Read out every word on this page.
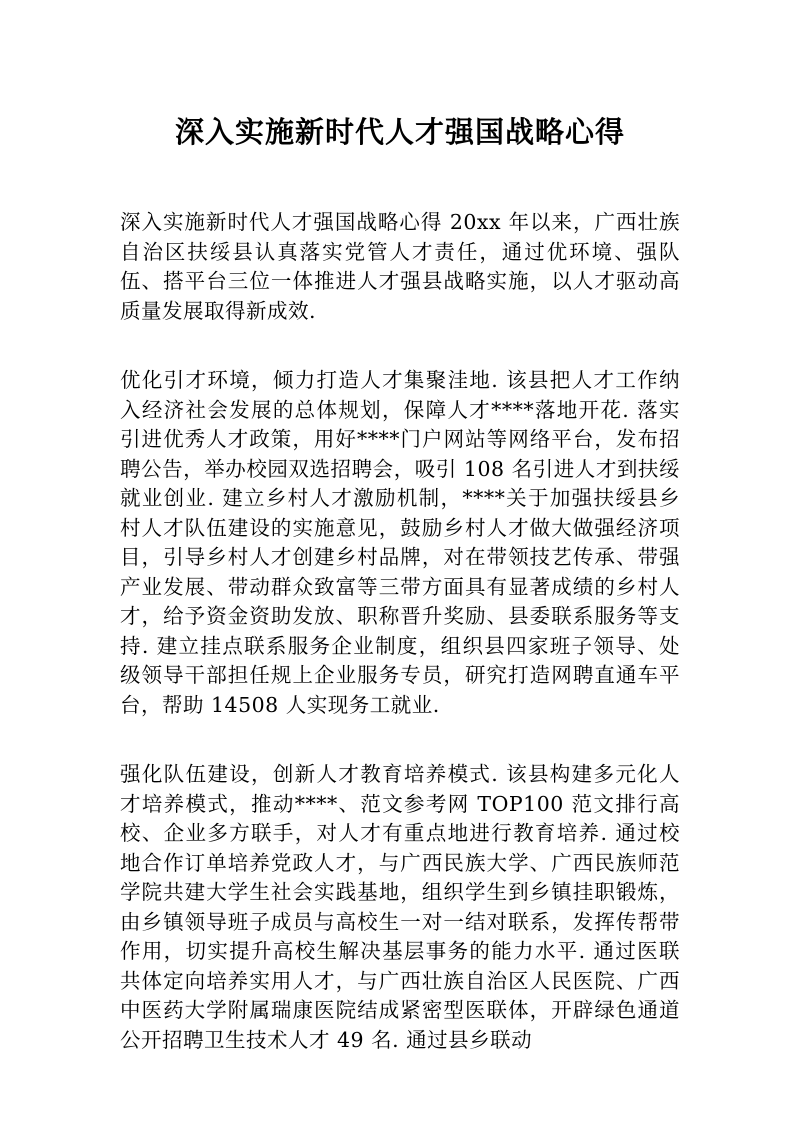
深入实施新时代人才强国战略心得

深入实施新时代人才强国战略心得 20xx 年以来，广西壮族自治区扶绥县认真落实党管人才责任，通过优环境、强队伍、搭平台三位一体推进人才强县战略实施，以人才驱动高质量发展取得新成效.

优化引才环境，倾力打造人才集聚洼地. 该县把人才工作纳入经济社会发展的总体规划，保障人才****落地开花. 落实引进优秀人才政策，用好****门户网站等网络平台，发布招聘公告，举办校园双选招聘会，吸引 108 名引进人才到扶绥就业创业. 建立乡村人才激励机制，****关于加强扶绥县乡村人才队伍建设的实施意见，鼓励乡村人才做大做强经济项目，引导乡村人才创建乡村品牌，对在带领技艺传承、带强产业发展、带动群众致富等三带方面具有显著成绩的乡村人才，给予资金资助发放、职称晋升奖励、县委联系服务等支持. 建立挂点联系服务企业制度，组织县四家班子领导、处级领导干部担任规上企业服务专员，研究打造网聘直通车平台，帮助 14508 人实现务工就业.

强化队伍建设，创新人才教育培养模式. 该县构建多元化人才培养模式，推动****、范文参考网 TOP100 范文排行高校、企业多方联手，对人才有重点地进行教育培养. 通过校地合作订单培养党政人才，与广西民族大学、广西民族师范学院共建大学生社会实践基地，组织学生到乡镇挂职锻炼，由乡镇领导班子成员与高校生一对一结对联系，发挥传帮带作用，切实提升高校生解决基层事务的能力水平. 通过医联共体定向培养实用人才，与广西壮族自治区人民医院、广西中医药大学附属瑞康医院结成紧密型医联体，开辟绿色通道公开招聘卫生技术人才 49 名. 通过县乡联动
